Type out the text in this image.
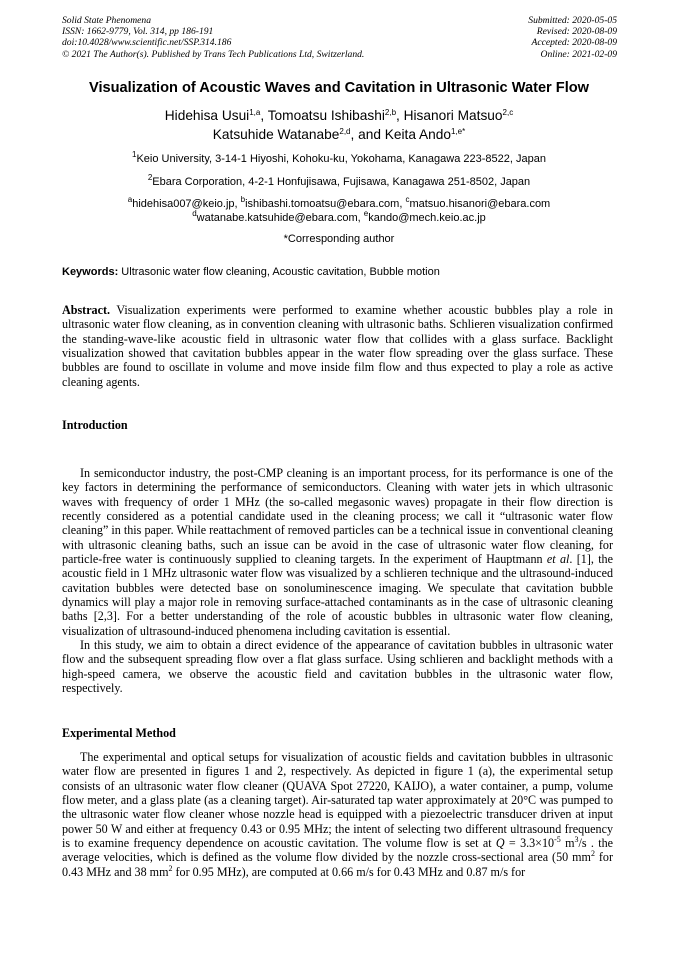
Solid State Phenomena
ISSN: 1662-9779, Vol. 314, pp 186-191
doi:10.4028/www.scientific.net/SSP.314.186
© 2021 The Author(s). Published by Trans Tech Publications Ltd, Switzerland.
Submitted: 2020-05-05
Revised: 2020-08-09
Accepted: 2020-08-09
Online: 2021-02-09
Visualization of Acoustic Waves and Cavitation in Ultrasonic Water Flow
Hidehisa Usui$^{1,a}$, Tomoatsu Ishibashi$^{2,b}$, Hisanori Matsuo$^{2,c}$
Katsuhide Watanabe$^{2,d}$, and Keita Ando$^{1,e*}$
$^1$Keio University, 3-14-1 Hiyoshi, Kohoku-ku, Yokohama, Kanagawa 223-8522, Japan
$^2$Ebara Corporation, 4-2-1 Honfujisawa, Fujisawa, Kanagawa 251-8502, Japan
$^a$hidehisa007@keio.jp, $^b$ishibashi.tomoatsu@ebara.com, $^c$matsuo.hisanori@ebara.com
$^d$watanabe.katsuhide@ebara.com, $^e$kando@mech.keio.ac.jp
*Corresponding author
Keywords: Ultrasonic water flow cleaning, Acoustic cavitation, Bubble motion
Abstract. Visualization experiments were performed to examine whether acoustic bubbles play a role in ultrasonic water flow cleaning, as in convention cleaning with ultrasonic baths. Schlieren visualization confirmed the standing-wave-like acoustic field in ultrasonic water flow that collides with a glass surface. Backlight visualization showed that cavitation bubbles appear in the water flow spreading over the glass surface. These bubbles are found to oscillate in volume and move inside film flow and thus expected to play a role as active cleaning agents.
Introduction
In semiconductor industry, the post-CMP cleaning is an important process, for its performance is one of the key factors in determining the performance of semiconductors. Cleaning with water jets in which ultrasonic waves with frequency of order 1 MHz (the so-called megasonic waves) propagate in their flow direction is recently considered as a potential candidate used in the cleaning process; we call it “ultrasonic water flow cleaning” in this paper. While reattachment of removed particles can be a technical issue in conventional cleaning with ultrasonic cleaning baths, such an issue can be avoid in the case of ultrasonic water flow cleaning, for particle-free water is continuously supplied to cleaning targets. In the experiment of Hauptmann et al. [1], the acoustic field in 1 MHz ultrasonic water flow was visualized by a schlieren technique and the ultrasound-induced cavitation bubbles were detected base on sonoluminescence imaging. We speculate that cavitation bubble dynamics will play a major role in removing surface-attached contaminants as in the case of ultrasonic cleaning baths [2,3]. For a better understanding of the role of acoustic bubbles in ultrasonic water flow cleaning, visualization of ultrasound-induced phenomena including cavitation is essential.
In this study, we aim to obtain a direct evidence of the appearance of cavitation bubbles in ultrasonic water flow and the subsequent spreading flow over a flat glass surface. Using schlieren and backlight methods with a high-speed camera, we observe the acoustic field and cavitation bubbles in the ultrasonic water flow, respectively.
Experimental Method
The experimental and optical setups for visualization of acoustic fields and cavitation bubbles in ultrasonic water flow are presented in figures 1 and 2, respectively. As depicted in figure 1 (a), the experimental setup consists of an ultrasonic water flow cleaner (QUAVA Spot 27220, KAIJO), a water container, a pump, volume flow meter, and a glass plate (as a cleaning target). Air-saturated tap water approximately at 20°C was pumped to the ultrasonic water flow cleaner whose nozzle head is equipped with a piezoelectric transducer driven at input power 50 W and either at frequency 0.43 or 0.95 MHz; the intent of selecting two different ultrasound frequency is to examine frequency dependence on acoustic cavitation. The volume flow is set at $Q = 3.3\times 10^{-5}$ $m^3/s$ . the average velocities, which is defined as the volume flow divided by the nozzle cross-sectional area (50 $mm^2$ for 0.43 MHz and 38 $mm^2$ for 0.95 MHz), are computed at 0.66 m/s for 0.43 MHz and 0.87 m/s for
